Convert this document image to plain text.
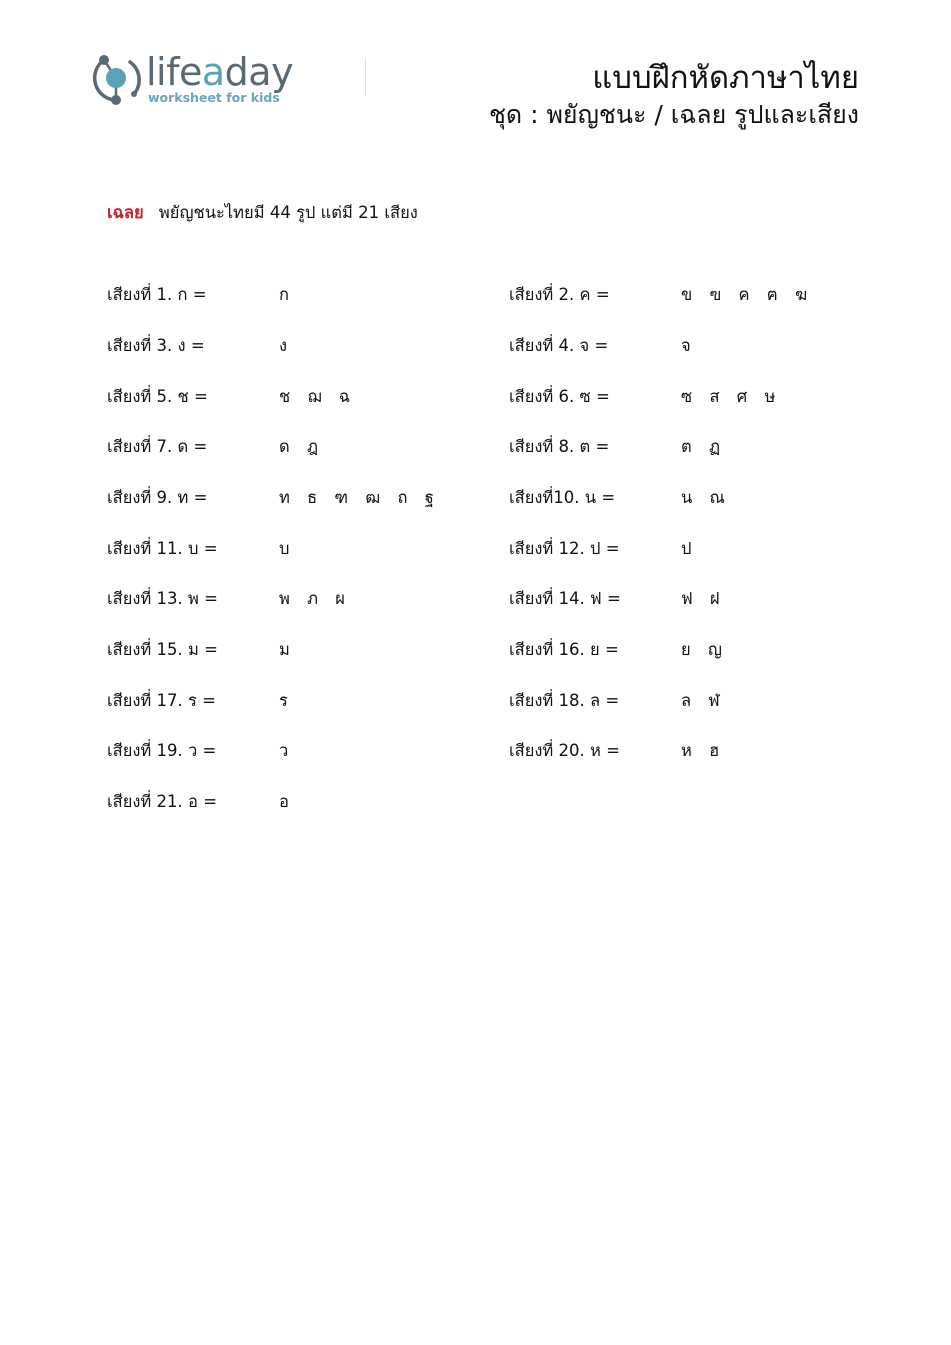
lifeaday
worksheet for kids
แบบฝึกหัดภาษาไทย
ชุด : พยัญชนะ / เฉลย รูปและเสียง
เฉลย พยัญชนะไทยมี 44 รูป แต่มี 21 เสียง
เสียงที่ 1. ก =	ก	เสียงที่ 2. ค =	ข ฃ ค ฅ ฆ
เสียงที่ 3. ง =	ง	เสียงที่ 4. จ =	จ
เสียงที่ 5. ช =	ช ฌ ฉ	เสียงที่ 6. ซ =	ซ ส ศ ษ
เสียงที่ 7. ด =	ด ฎ	เสียงที่ 8. ต =	ต ฏ
เสียงที่ 9. ท =	ท ธ ฑ ฒ ถ ฐ	เสียงที่10. น =	น ณ
เสียงที่ 11. บ =	บ	เสียงที่ 12. ป =	ป
เสียงที่ 13. พ =	พ ภ ผ	เสียงที่ 14. ฟ =	ฟ ฝ
เสียงที่ 15. ม =	ม	เสียงที่ 16. ย =	ย ญ
เสียงที่ 17. ร =	ร	เสียงที่ 18. ล =	ล ฬ
เสียงที่ 19. ว =	ว	เสียงที่ 20. ห =	ห ฮ
เสียงที่ 21. อ =	อ
